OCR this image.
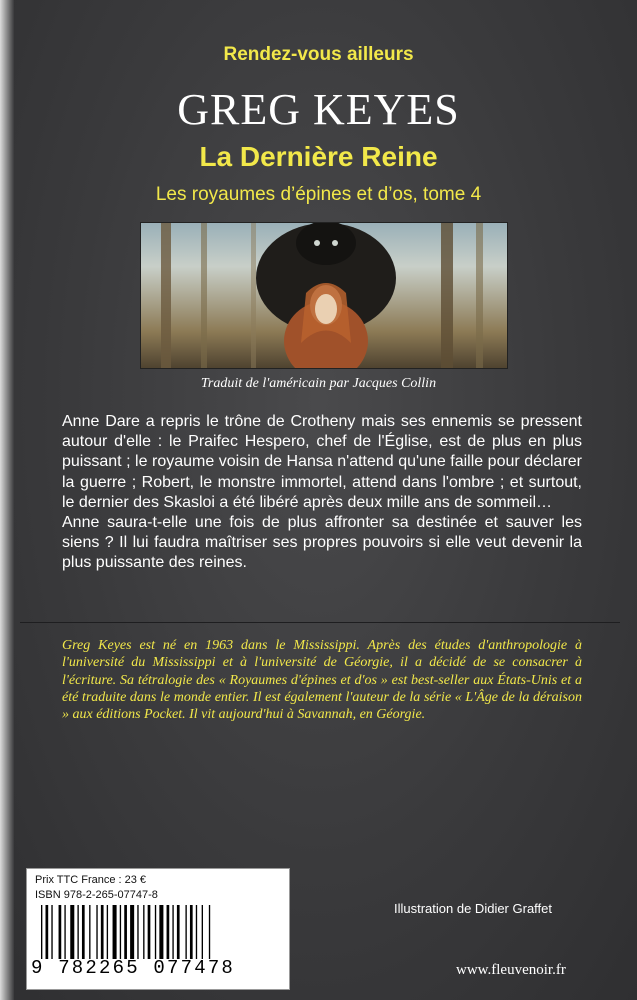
Rendez-vous ailleurs
GREG KEYES
La Dernière Reine
Les royaumes d’épines et d’os, tome 4
Traduit de l'américain par Jacques Collin

Anne Dare a repris le trône de Crotheny mais ses ennemis se pressent autour d'elle : le Praifec Hespero, chef de l'Église, est de plus en plus puissant ; le royaume voisin de Hansa n'attend qu'une faille pour déclarer la guerre ; Robert, le monstre immortel, attend dans l'ombre ; et surtout, le dernier des Skasloi a été libéré après deux mille ans de sommeil…

Anne saura-t-elle une fois de plus affronter sa destinée et sauver les siens ? Il lui faudra maîtriser ses propres pouvoirs si elle veut devenir la plus puissante des reines.

Greg Keyes est né en 1963 dans le Mississippi. Après des études d'anthropologie à l'université du Mississippi et à l'université de Géorgie, il a décidé de se consacrer à l'écriture. Sa tétralogie des « Royaumes d'épines et d'os » est best-seller aux États-Unis et a été traduite dans le monde entier. Il est également l'auteur de la série « L'Âge de la déraison » aux éditions Pocket. Il vit aujourd'hui à Savannah, en Géorgie.
Prix TTC France : 23 €
ISBN 978-2-265-07747-8
9 782265 077478
Illustration de Didier Graffet
www.fleuvenoir.fr
